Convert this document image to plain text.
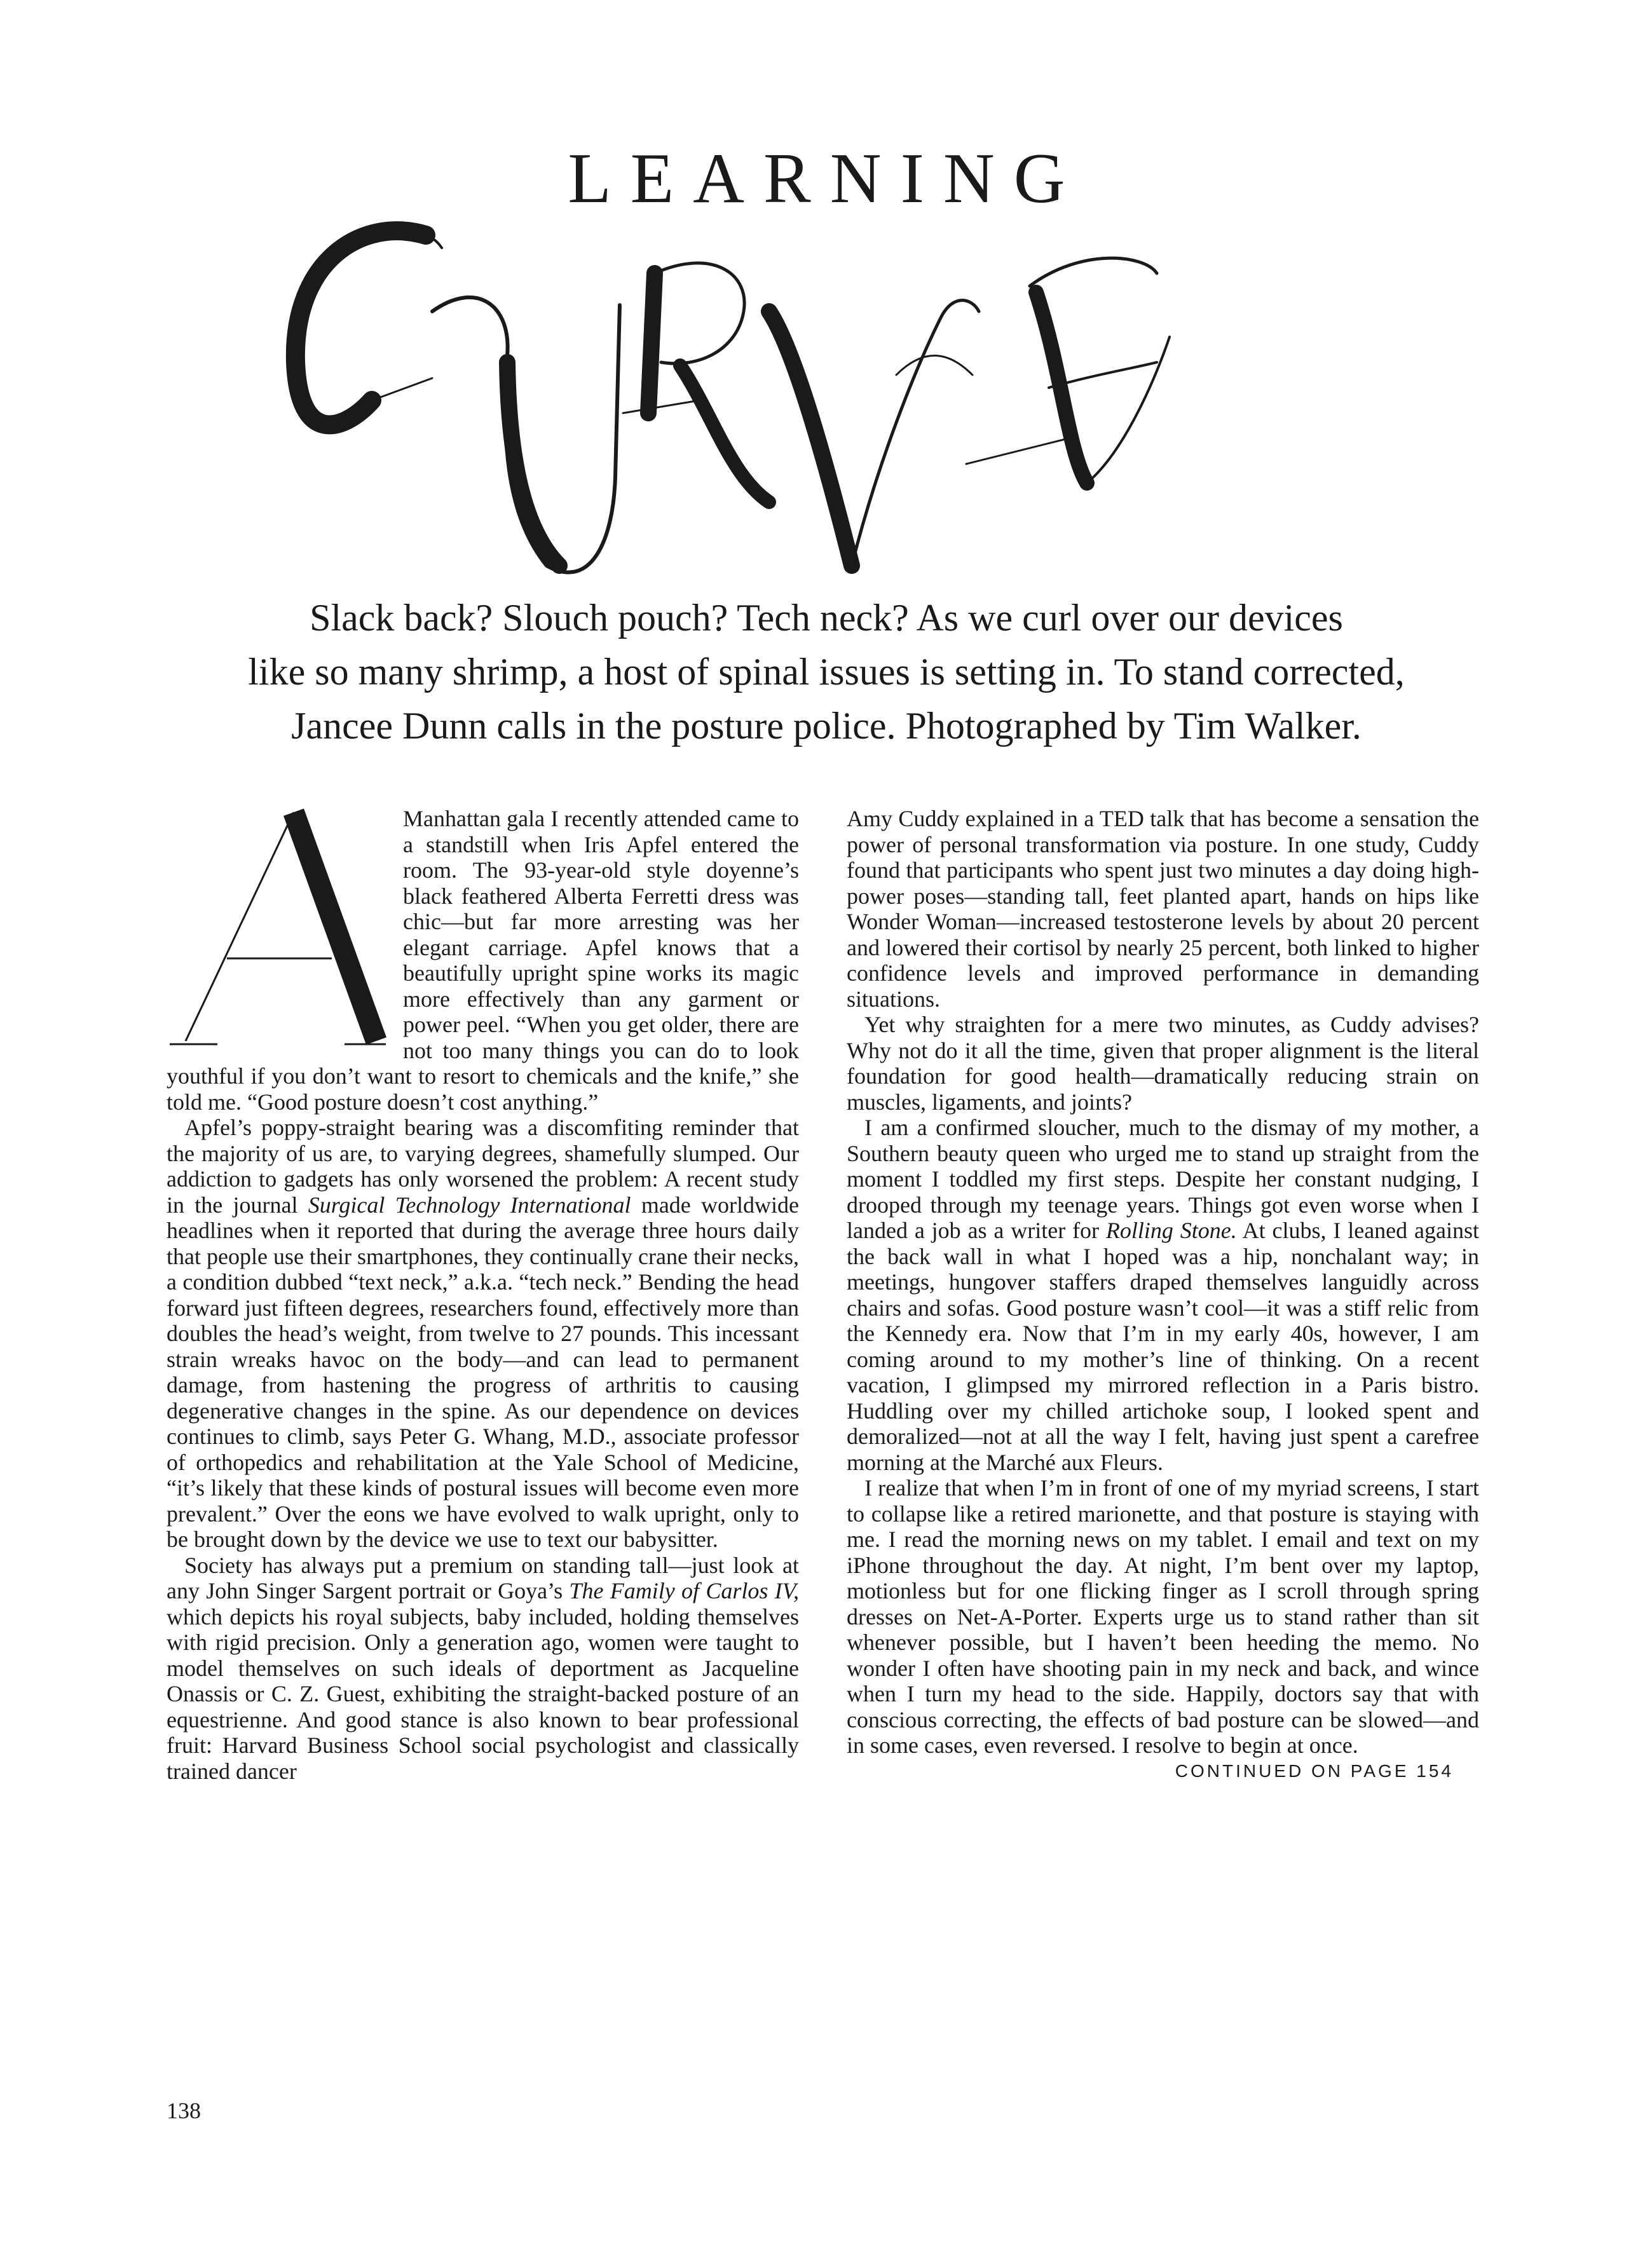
LEARNING

Slack back? Slouch pouch? Tech neck? As we curl over our devices

like so many shrimp, a host of spinal issues is setting in. To stand corrected,

Jancee Dunn calls in the posture police. Photographed by Tim Walker.

Manhattan gala I recently attended came to a standstill when Iris Apfel entered the room. The 93-year-old style doyenne’s black feathered Alberta Ferretti dress was chic—but far more arresting was her elegant carriage. Apfel knows that a beautifully upright spine works its magic more effectively than any garment or power peel. “When you get older, there are not too many things you can do to look youthful if you don’t want to resort to chemicals and the knife,” she told me. “Good posture doesn’t cost anything.”

Apfel’s poppy-straight bearing was a discomfiting reminder that the majority of us are, to varying degrees, shamefully slumped. Our addiction to gadgets has only worsened the problem: A recent study in the journal Surgical Technology International made worldwide headlines when it reported that during the average three hours daily that people use their smartphones, they continually crane their necks, a condition dubbed “text neck,” a.k.a. “tech neck.” Bending the head forward just fifteen degrees, researchers found, effectively more than doubles the head’s weight, from twelve to 27 pounds. This incessant strain wreaks havoc on the body—and can lead to permanent damage, from hastening the progress of arthritis to causing degenerative changes in the spine. As our dependence on devices continues to climb, says Peter G. Whang, M.D., associate professor of orthopedics and rehabilitation at the Yale School of Medicine, “it’s likely that these kinds of postural issues will become even more prevalent.” Over the eons we have evolved to walk upright, only to be brought down by the device we use to text our babysitter.

Society has always put a premium on standing tall—just look at any John Singer Sargent portrait or Goya’s The Family of Carlos IV, which depicts his royal subjects, baby included, holding themselves with rigid precision. Only a generation ago, women were taught to model themselves on such ideals of deportment as Jacqueline Onassis or C. Z. Guest, exhibiting the straight-backed posture of an equestrienne. And good stance is also known to bear professional fruit: Harvard Business School social psychologist and classically trained dancer

Amy Cuddy explained in a TED talk that has become a sensation the power of personal transformation via posture. In one study, Cuddy found that participants who spent just two minutes a day doing high-power poses—standing tall, feet planted apart, hands on hips like Wonder Woman—increased testosterone levels by about 20 percent and lowered their cortisol by nearly 25 percent, both linked to higher confidence levels and improved performance in demanding situations.

Yet why straighten for a mere two minutes, as Cuddy advises? Why not do it all the time, given that proper alignment is the literal foundation for good health—dramatically reducing strain on muscles, ligaments, and joints?

I am a confirmed sloucher, much to the dismay of my mother, a Southern beauty queen who urged me to stand up straight from the moment I toddled my first steps. Despite her constant nudging, I drooped through my teenage years. Things got even worse when I landed a job as a writer for Rolling Stone. At clubs, I leaned against the back wall in what I hoped was a hip, nonchalant way; in meetings, hungover staffers draped themselves languidly across chairs and sofas. Good posture wasn’t cool—it was a stiff relic from the Kennedy era. Now that I’m in my early 40s, however, I am coming around to my mother’s line of thinking. On a recent vacation, I glimpsed my mirrored reflection in a Paris bistro. Huddling over my chilled artichoke soup, I looked spent and demoralized—not at all the way I felt, having just spent a carefree morning at the Marché aux Fleurs.

I realize that when I’m in front of one of my myriad screens, I start to collapse like a retired marionette, and that posture is staying with me. I read the morning news on my tablet. I email and text on my iPhone throughout the day. At night, I’m bent over my laptop, motionless but for one flicking finger as I scroll through spring dresses on Net-A-Porter. Experts urge us to stand rather than sit whenever possible, but I haven’t been heeding the memo. No wonder I often have shooting pain in my neck and back, and wince when I turn my head to the side. Happily, doctors say that with conscious correcting, the effects of bad posture can be slowed—and in some cases, even reversed. I resolve to begin at once.
CONTINUED ON PAGE 154

138
